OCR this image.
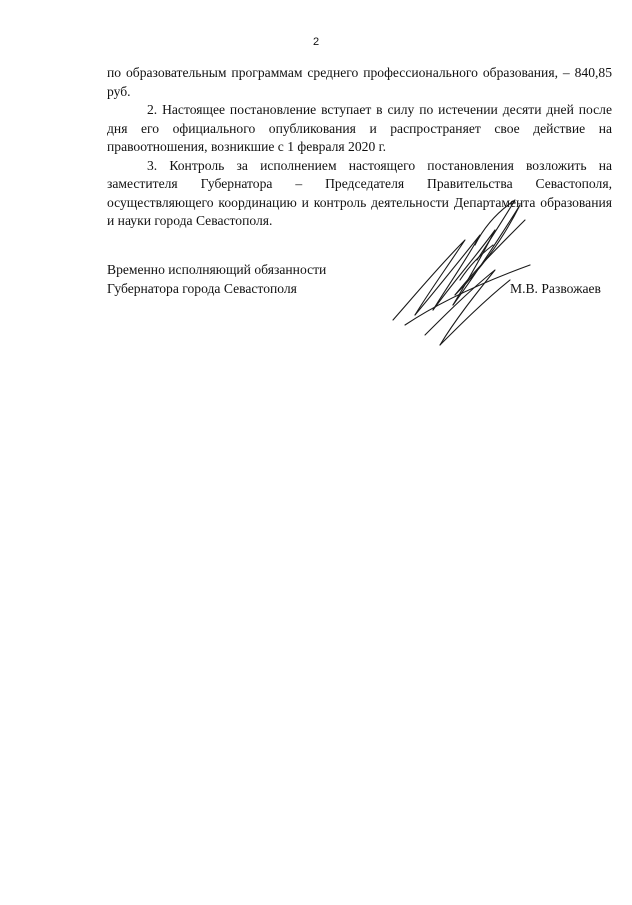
2

по образовательным программам среднего профессионального образования, – 840,85 руб.

2. Настоящее постановление вступает в силу по истечении десяти дней после дня его официального опубликования и распространяет свое действие на правоотношения, возникшие с 1 февраля 2020 г.

3. Контроль за исполнением настоящего постановления возложить на заместителя Губернатора – Председателя Правительства Севастополя, осуществляющего координацию и контроль деятельности Департамента образования и науки города Севастополя.

Временно исполняющий обязанности
Губернатора города Севастополя	М.В. Развожаев
